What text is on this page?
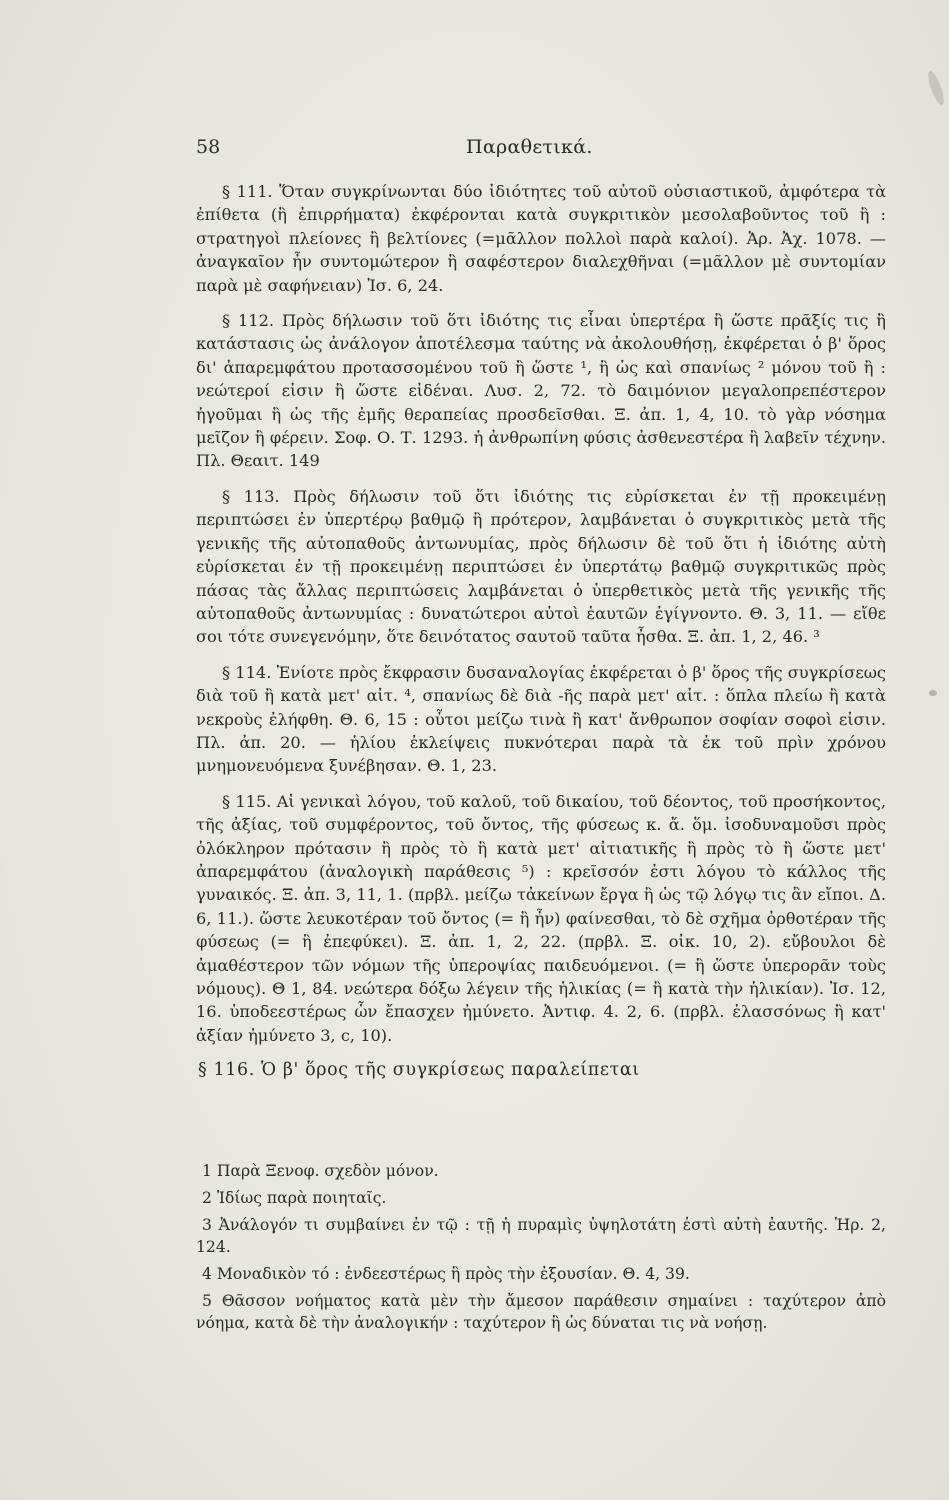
58	Παραθετικά.

§ 111. Ὅταν συγκρίνωνται δύο ἰδιότητες τοῦ αὐτοῦ οὐσιαστικοῦ, ἀμφότερα τὰ ἐπίθετα (ἢ ἐπιρρήματα) ἐκφέρονται κατὰ συγκριτικὸν μεσολαβοῦντος τοῦ ἢ : στρατηγοὶ πλείονες ἢ βελτίονες (=μᾶλλον πολλοὶ παρὰ καλοί). Ἀρ. Ἀχ. 1078. — ἀναγκαῖον ἦν συντομώτερον ἢ σαφέστερον διαλεχθῆναι (=μᾶλλον μὲ συντομίαν παρὰ μὲ σαφήνειαν) Ἰσ. 6, 24.

§ 112. Πρὸς δήλωσιν τοῦ ὅτι ἰδιότης τις εἶναι ὑπερτέρα ἢ ὥστε πρᾶξίς τις ἢ κατάστασις ὡς ἀνάλογον ἀποτέλεσμα ταύτης νὰ ἀκολουθήσῃ, ἐκφέρεται ὁ β' ὅρος δι' ἀπαρεμφάτου προτασσομένου τοῦ ἢ ὥστε ¹, ἢ ὡς καὶ σπανίως ² μόνου τοῦ ἢ : νεώτεροί εἰσιν ἢ ὥστε εἰδέναι. Λυσ. 2, 72. τὸ δαιμόνιον μεγαλοπρεπέστερον ἡγοῦμαι ἢ ὡς τῆς ἐμῆς θεραπείας προσδεῖσθαι. Ξ. ἀπ. 1, 4, 10. τὸ γὰρ νόσημα μεῖζον ἢ φέρειν. Σοφ. Ο. Τ. 1293. ἡ ἀνθρωπίνη φύσις ἀσθενεστέρα ἢ λαβεῖν τέχνην. Πλ. Θεαιτ. 149

§ 113. Πρὸς δήλωσιν τοῦ ὅτι ἰδιότης τις εὑρίσκεται ἐν τῇ προκειμένῃ περιπτώσει ἐν ὑπερτέρῳ βαθμῷ ἢ πρότερον, λαμβάνεται ὁ συγκριτικὸς μετὰ τῆς γενικῆς τῆς αὐτοπαθοῦς ἀντωνυμίας, πρὸς δήλωσιν δὲ τοῦ ὅτι ἡ ἰδιότης αὐτὴ εὑρίσκεται ἐν τῇ προκειμένῃ περιπτώσει ἐν ὑπερτάτῳ βαθμῷ συγκριτικῶς πρὸς πάσας τὰς ἄλλας περιπτώσεις λαμβάνεται ὁ ὑπερθετικὸς μετὰ τῆς γενικῆς τῆς αὐτοπαθοῦς ἀντωνυμίας : δυνατώτεροι αὐτοὶ ἑαυτῶν ἐγίγνοντο. Θ. 3, 11. — εἴθε σοι τότε συνεγενόμην, ὅτε δεινότατος σαυτοῦ ταῦτα ἦσθα. Ξ. ἀπ. 1, 2, 46. ³

§ 114. Ἐνίοτε πρὸς ἔκφρασιν δυσαναλογίας ἐκφέρεται ὁ β' ὅρος τῆς συγκρίσεως διὰ τοῦ ἢ κατὰ μετ' αἰτ. ⁴, σπανίως δὲ διὰ -ῆς παρὰ μετ' αἰτ. : ὅπλα πλείω ἢ κατὰ νεκροὺς ἐλήφθη. Θ. 6, 15 : οὗτοι μείζω τινὰ ἢ κατ' ἄνθρωπον σοφίαν σοφοὶ εἰσιν. Πλ. ἀπ. 20. — ἡλίου ἐκλείψεις πυκνότεραι παρὰ τὰ ἐκ τοῦ πρὶν χρόνου μνημονευόμενα ξυνέβησαν. Θ. 1, 23.

§ 115. Αἱ γενικαὶ λόγου, τοῦ καλοῦ, τοῦ δικαίου, τοῦ δέοντος, τοῦ προσήκοντος, τῆς ἀξίας, τοῦ συμφέροντος, τοῦ ὄντος, τῆς φύσεως κ. ἄ. ὅμ. ἰσοδυναμοῦσι πρὸς ὁλόκληρον πρότασιν ἢ πρὸς τὸ ἢ κατὰ μετ' αἰτιατικῆς ἢ πρὸς τὸ ἢ ὥστε μετ' ἀπαρεμφάτου (ἀναλογικὴ παράθεσις ⁵) : κρεῖσσόν ἐστι λόγου τὸ κάλλος τῆς γυναικός. Ξ. ἀπ. 3, 11, 1. (πρβλ. μείζω τἀκείνων ἔργα ἢ ὡς τῷ λόγῳ τις ἂν εἴποι. Δ. 6, 11.). ὥστε λευκοτέραν τοῦ ὄντος (= ἢ ἦν) φαίνεσθαι, τὸ δὲ σχῆμα ὀρθοτέραν τῆς φύσεως (= ἢ ἐπεφύκει). Ξ. ἀπ. 1, 2, 22. (πρβλ. Ξ. οἰκ. 10, 2). εὔβουλοι δὲ ἀμαθέστερον τῶν νόμων τῆς ὑπεροψίας παιδευόμενοι. (= ἢ ὥστε ὑπερορᾶν τοὺς νόμους). Θ 1, 84. νεώτερα δόξω λέγειν τῆς ἡλικίας (= ἢ κατὰ τὴν ἡλικίαν). Ἰσ. 12, 16. ὑποδεεστέρως ὧν ἔπασχεν ἠμύνετο. Ἀντιφ. 4. 2, 6. (πρβλ. ἐλασσόνως ἢ κατ' ἀξίαν ἠμύνετο 3, c, 10).

§ 116. Ὁ β' ὅρος τῆς συγκρίσεως παραλείπεται

1 Παρὰ Ξενοφ. σχεδὸν μόνον.

2 Ἰδίως παρὰ ποιηταῖς.

3 Ἀνάλογόν τι συμβαίνει ἐν τῷ : τῇ ἡ πυραμὶς ὑψηλοτάτη ἐστὶ αὐτὴ ἑαυτῆς. Ἡρ. 2, 124.

4 Μοναδικὸν τό : ἐνδεεστέρως ἢ πρὸς τὴν ἐξουσίαν. Θ. 4, 39.

5 Θᾶσσον νοήματος κατὰ μὲν τὴν ἄμεσον παράθεσιν σημαίνει : ταχύτερον ἀπὸ νόημα, κατὰ δὲ τὴν ἀναλογικήν : ταχύτερον ἢ ὡς δύναται τις νὰ νοήσῃ.
